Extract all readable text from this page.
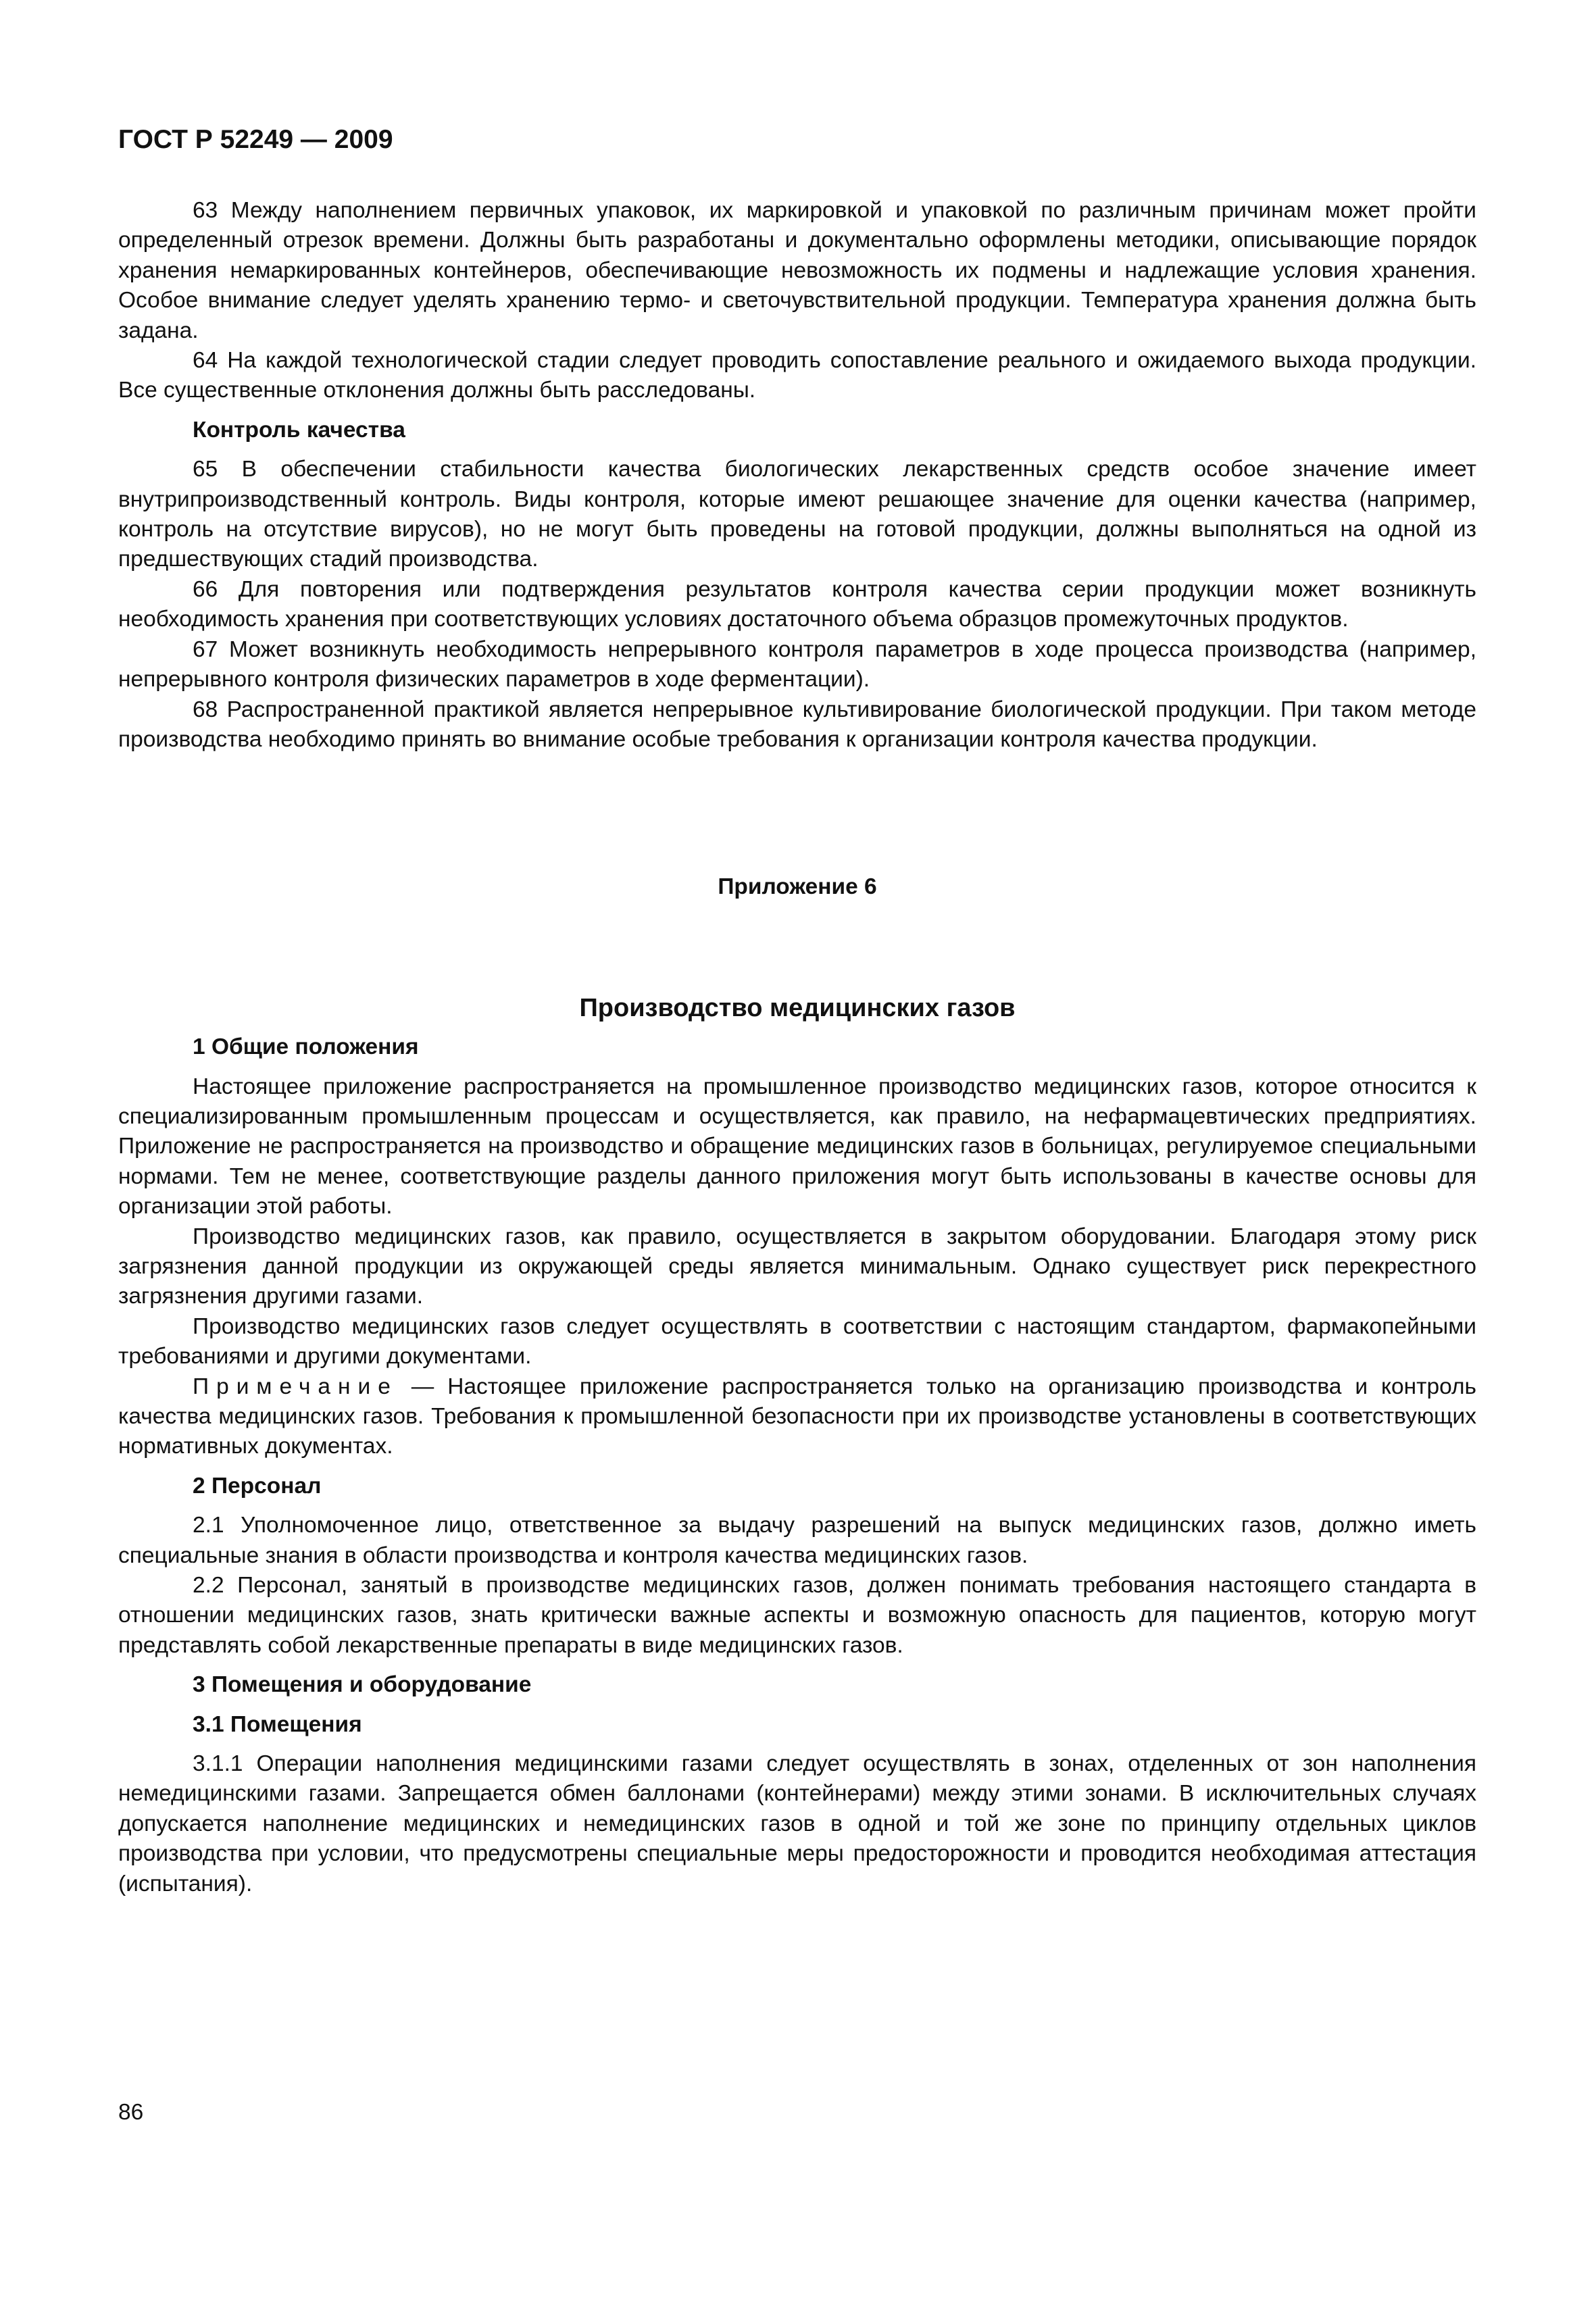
ГОСТ Р 52249 — 2009

63 Между наполнением первичных упаковок, их маркировкой и упаковкой по различным причинам может пройти определенный отрезок времени. Должны быть разработаны и документально оформлены методики, описывающие порядок хранения немаркированных контейнеров, обеспечивающие невозможность их подмены и надлежащие условия хранения. Особое внимание следует уделять хранению термо- и светочувствительной продукции. Температура хранения должна быть задана.

64 На каждой технологической стадии следует проводить сопоставление реального и ожидаемого выхода продукции. Все существенные отклонения должны быть расследованы.

Контроль качества

65 В обеспечении стабильности качества биологических лекарственных средств особое значение имеет внутрипроизводственный контроль. Виды контроля, которые имеют решающее значение для оценки качества (например, контроль на отсутствие вирусов), но не могут быть проведены на готовой продукции, должны выполняться на одной из предшествующих стадий производства.

66 Для повторения или подтверждения результатов контроля качества серии продукции может возникнуть необходимость хранения при соответствующих условиях достаточного объема образцов промежуточных продуктов.

67 Может возникнуть необходимость непрерывного контроля параметров в ходе процесса производства (например, непрерывного контроля физических параметров в ходе ферментации).

68 Распространенной практикой является непрерывное культивирование биологической продукции. При таком методе производства необходимо принять во внимание особые требования к организации контроля качества продукции.

Приложение 6

Производство медицинских газов

1 Общие положения

Настоящее приложение распространяется на промышленное производство медицинских газов, которое относится к специализированным промышленным процессам и осуществляется, как правило, на нефармацевтических предприятиях. Приложение не распространяется на производство и обращение медицинских газов в больницах, регулируемое специальными нормами. Тем не менее, соответствующие разделы данного приложения могут быть использованы в качестве основы для организации этой работы.

Производство медицинских газов, как правило, осуществляется в закрытом оборудовании. Благодаря этому риск загрязнения данной продукции из окружающей среды является минимальным. Однако существует риск перекрестного загрязнения другими газами.

Производство медицинских газов следует осуществлять в соответствии с настоящим стандартом, фармакопейными требованиями и другими документами.

Примечание — Настоящее приложение распространяется только на организацию производства и контроль качества медицинских газов. Требования к промышленной безопасности при их производстве установлены в соответствующих нормативных документах.

2 Персонал

2.1 Уполномоченное лицо, ответственное за выдачу разрешений на выпуск медицинских газов, должно иметь специальные знания в области производства и контроля качества медицинских газов.

2.2 Персонал, занятый в производстве медицинских газов, должен понимать требования настоящего стандарта в отношении медицинских газов, знать критически важные аспекты и возможную опасность для пациентов, которую могут представлять собой лекарственные препараты в виде медицинских газов.

3 Помещения и оборудование

3.1 Помещения

3.1.1 Операции наполнения медицинскими газами следует осуществлять в зонах, отделенных от зон наполнения немедицинскими газами. Запрещается обмен баллонами (контейнерами) между этими зонами. В исключительных случаях допускается наполнение медицинских и немедицинских газов в одной и той же зоне по принципу отдельных циклов производства при условии, что предусмотрены специальные меры предосторожности и проводится необходимая аттестация (испытания).

86
